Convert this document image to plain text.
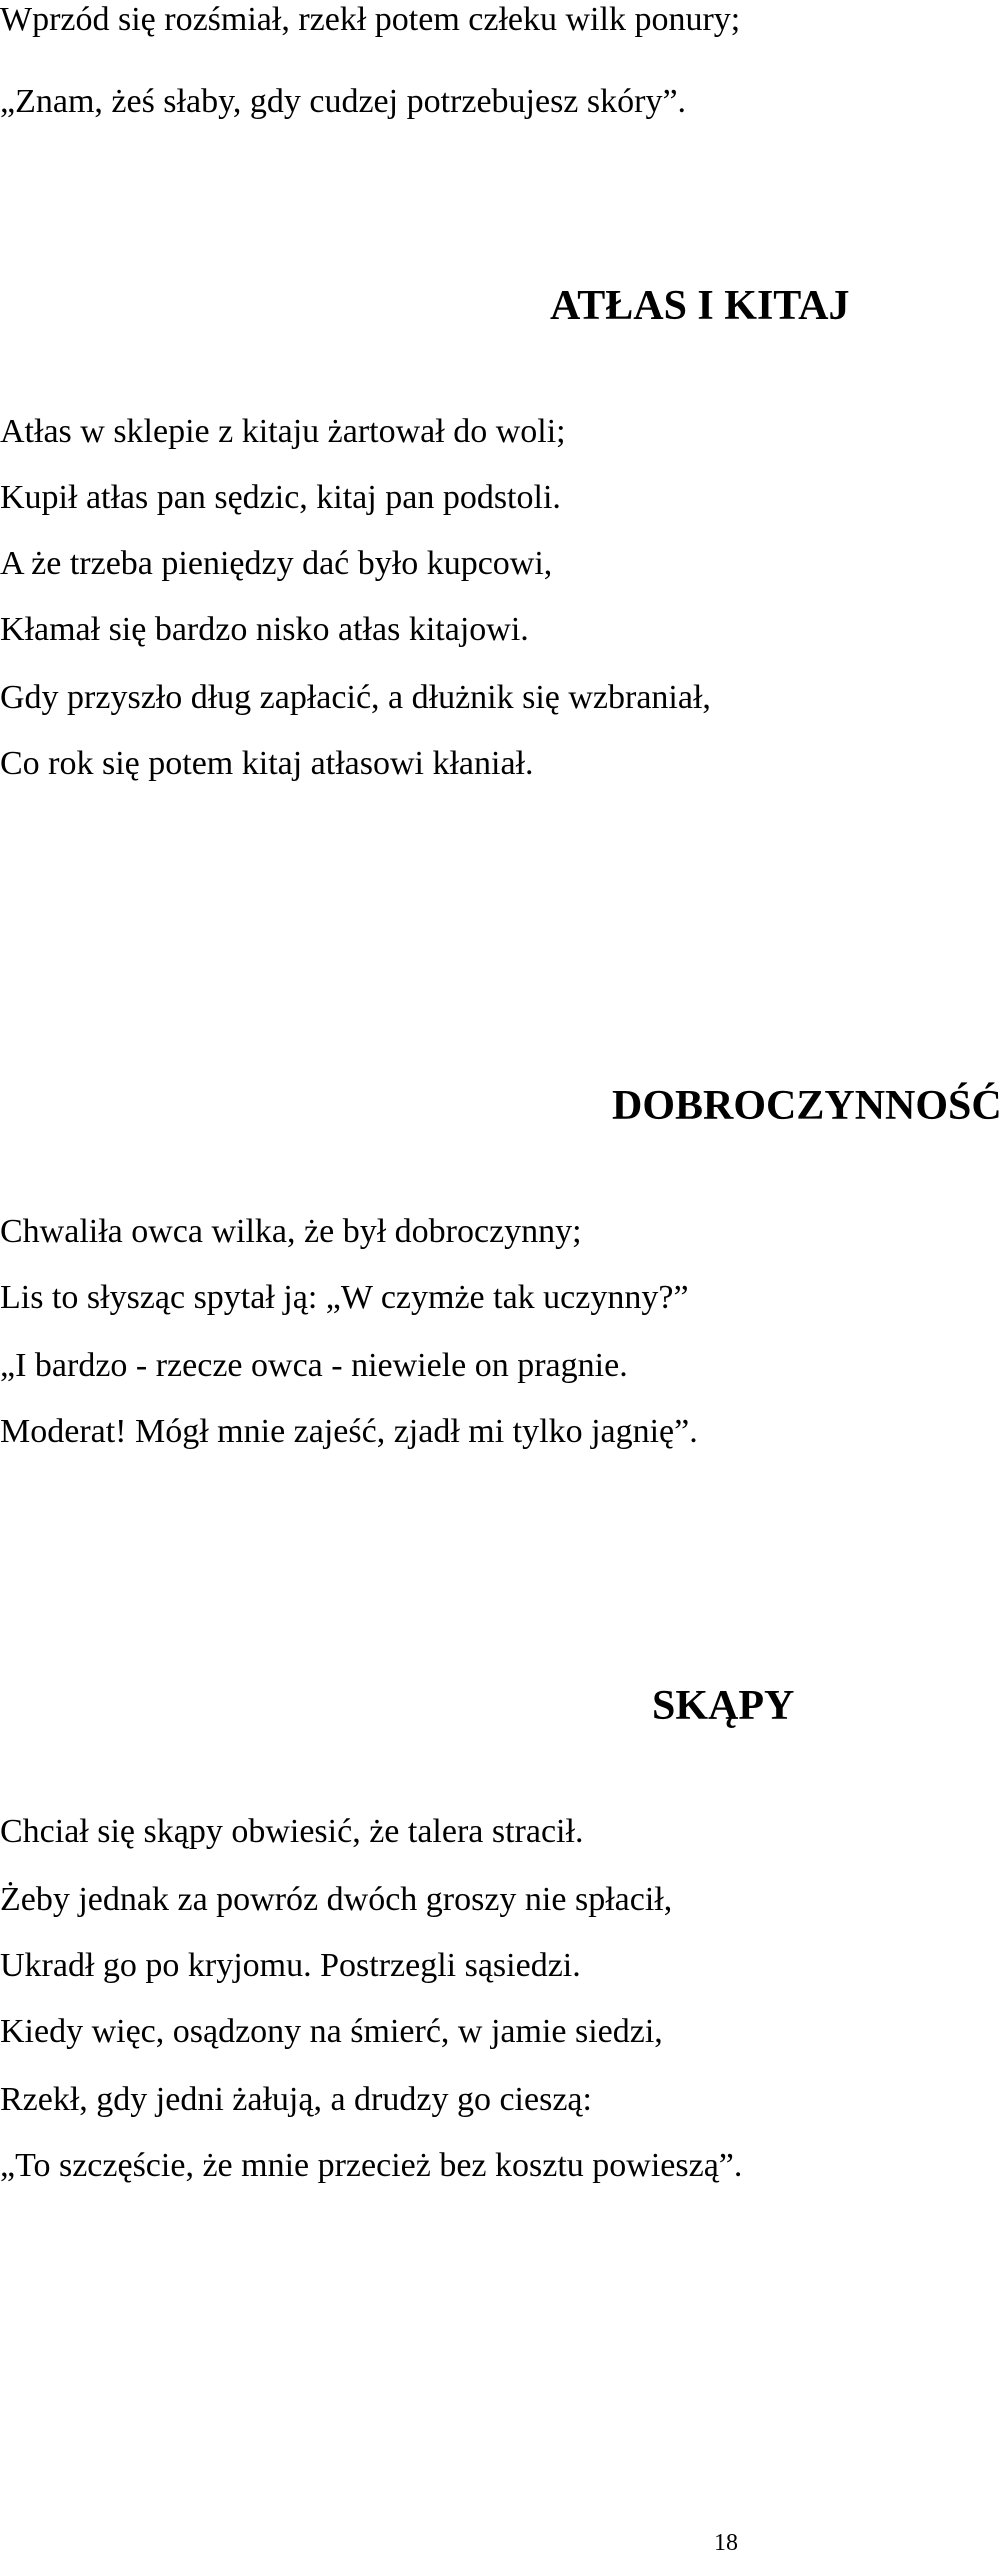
Wprzód się rozśmiał, rzekł potem człeku wilk ponury;
„Znam, żeś słaby, gdy cudzej potrzebujesz skóry”.
ATŁAS I KITAJ
Atłas w sklepie z kitaju żartował do woli;
Kupił atłas pan sędzic, kitaj pan podstoli.
A że trzeba pieniędzy dać było kupcowi,
Kłamał się bardzo nisko atłas kitajowi.
Gdy przyszło dług zapłacić, a dłużnik się wzbraniał,
Co rok się potem kitaj atłasowi kłaniał.
DOBROCZYNNOŚĆ
Chwaliła owca wilka, że był dobroczynny;
Lis to słysząc spytał ją: „W czymże tak uczynny?”
„I bardzo - rzecze owca - niewiele on pragnie.
Moderat! Mógł mnie zajeść, zjadł mi tylko jagnię”.
SKĄPY
Chciał się skąpy obwiesić, że talera stracił.
Żeby jednak za powróz dwóch groszy nie spłacił,
Ukradł go po kryjomu. Postrzegli sąsiedzi.
Kiedy więc, osądzony na śmierć, w jamie siedzi,
Rzekł, gdy jedni żałują, a drudzy go cieszą:
„To szczęście, że mnie przecież bez kosztu powieszą”.
18
